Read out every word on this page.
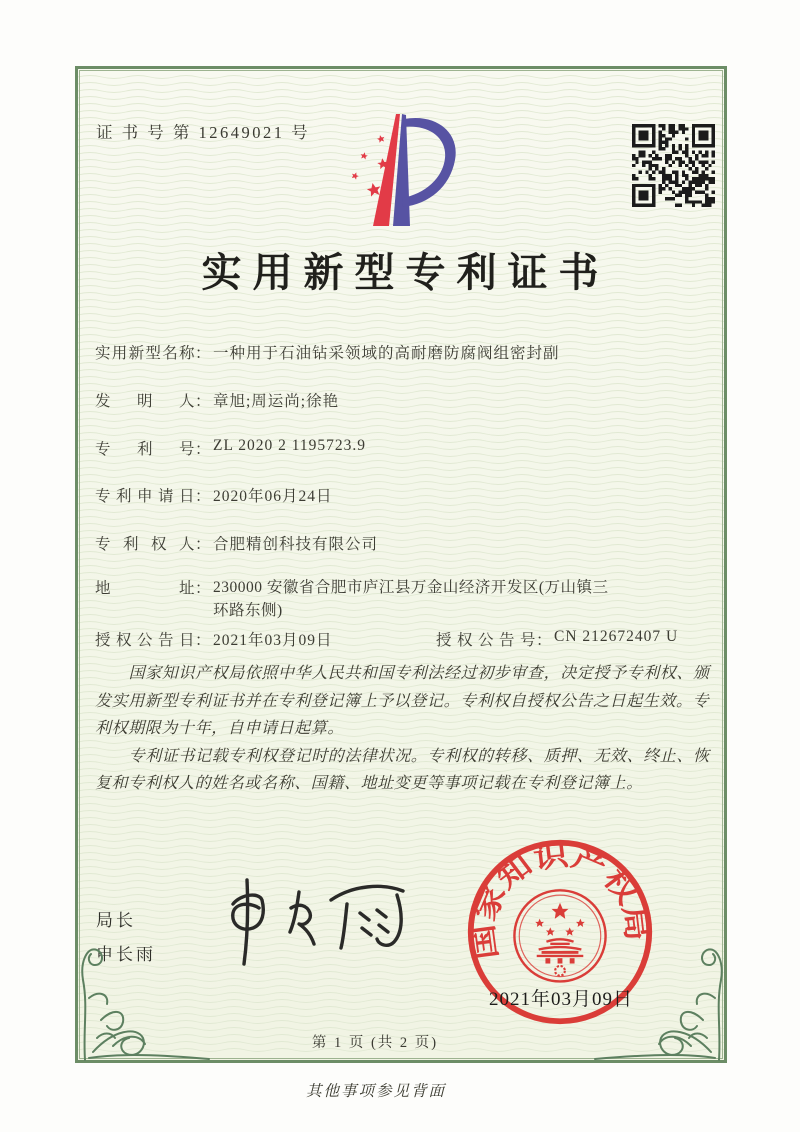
证 书 号 第 12649021 号
实用新型专利证书
实用新型名称： 一种用于石油钻采领域的高耐磨防腐阀组密封副
发明人： 章旭;周运尚;徐艳
专利号： ZL 2020 2 1195723.9
专利申请日： 2020年06月24日
专利权人： 合肥精创科技有限公司
地址： 230000 安徽省合肥市庐江县万金山经济开发区(万山镇三
环路东侧)
授权公告日： 2021年03月09日	授权公告号： CN 212672407 U

国家知识产权局依照中华人民共和国专利法经过初步审查，决定授予专利权、颁发实用新型专利证书并在专利登记簿上予以登记。专利权自授权公告之日起生效。专利权期限为十年，自申请日起算。

专利证书记载专利权登记时的法律状况。专利权的转移、质押、无效、终止、恢复和专利权人的姓名或名称、国籍、地址变更等事项记载在专利登记簿上。

局长
申长雨	国家知识产权局
2021年03月09日
第 1 页 (共 2 页)
其他事项参见背面
